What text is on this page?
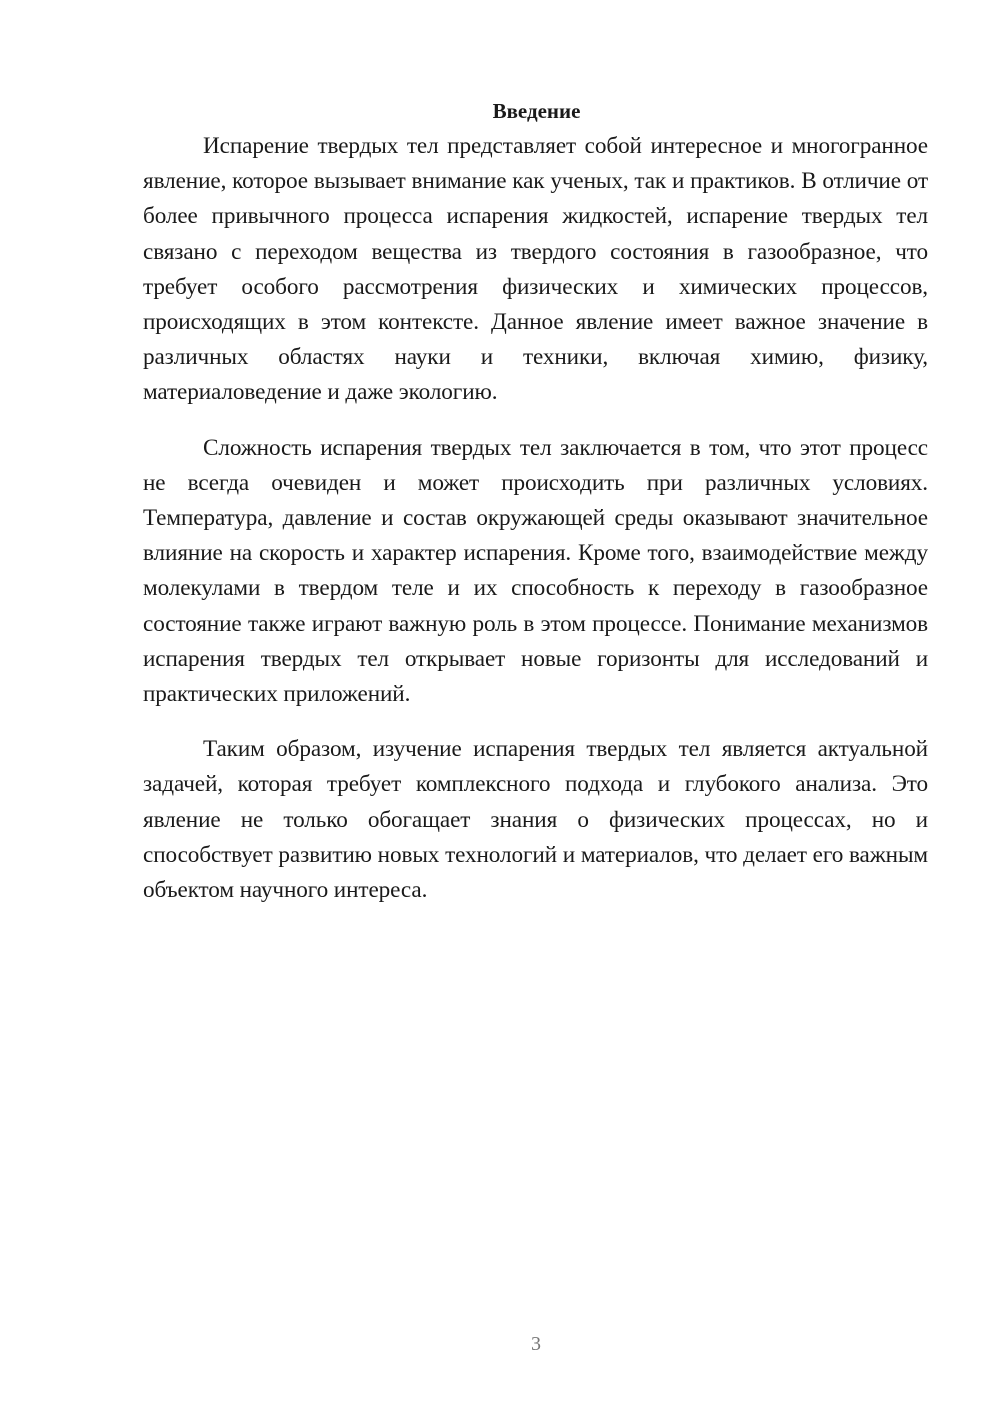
Введение

Испарение твердых тел представляет собой интересное и многогранное явление, которое вызывает внимание как ученых, так и практиков. В отличие от более привычного процесса испарения жидкостей, испарение твердых тел связано с переходом вещества из твердого состояния в газообразное, что требует особого рассмотрения физических и химических процессов, происходящих в этом контексте. Данное явление имеет важное значение в различных областях науки и техники, включая химию, физику, материаловедение и даже экологию.

Сложность испарения твердых тел заключается в том, что этот процесс не всегда очевиден и может происходить при различных условиях. Температура, давление и состав окружающей среды оказывают значительное влияние на скорость и характер испарения. Кроме того, взаимодействие между молекулами в твердом теле и их способность к переходу в газообразное состояние также играют важную роль в этом процессе. Понимание механизмов испарения твердых тел открывает новые горизонты для исследований и практических приложений.

Таким образом, изучение испарения твердых тел является актуальной задачей, которая требует комплексного подхода и глубокого анализа. Это явление не только обогащает знания о физических процессах, но и способствует развитию новых технологий и материалов, что делает его важным объектом научного интереса.

3
